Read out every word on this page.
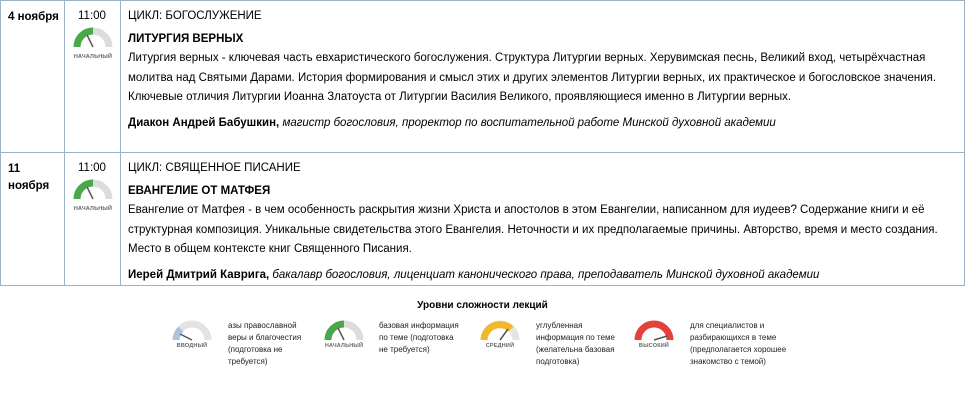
4 ноября	11:00
НАЧАЛЬНЫЙ
ЦИКЛ: БОГОСЛУЖЕНИЕ
ЛИТУРГИЯ ВЕРНЫХ
Литургия верных - ключевая часть евхаристического богослужения. Структура Литургии верных. Херувимская песнь, Великий вход, четырёхчастная молитва над Святыми Дарами. История формирования и смысл этих и других элементов Литургии верных, их практическое и богословское значения. Ключевые отличия Литургии Иоанна Златоуста от Литургии Василия Великого, проявляющиеся именно в Литургии верных.
Диакон Андрей Бабушкин, магистр богословия, проректор по воспитательной работе Минской духовной академии
11 ноября
11:00
НАЧАЛЬНЫЙ
ЦИКЛ: СВЯЩЕННОЕ ПИСАНИЕ
ЕВАНГЕЛИЕ ОТ МАТФЕЯ
Евангелие от Матфея - в чем особенность раскрытия жизни Христа и апостолов в этом Евангелии, написанном для иудеев? Содержание книги и её структурная композиция. Уникальные свидетельства этого Евангелия. Неточности и их предполагаемые причины. Авторство, время и место создания. Место в общем контексте книг Священного Писания.
Иерей Дмитрий Каврига, бакалавр богословия, лиценциат канонического права, преподаватель Минской духовной академии
Уровни сложности лекций
ВВОДНЫЙ
азы православной
веры и благочестия
(подготовка не
требуется)
НАЧАЛЬНЫЙ
базовая информация
по теме (подготовка
не требуется)	СРЕДНИЙ
углубленная
информация по теме
(желательна базовая
подготовка)
ВЫСОКИЙ
для специалистов и
разбирающихся в теме
(предполагается хорошее
знакомство с темой)
